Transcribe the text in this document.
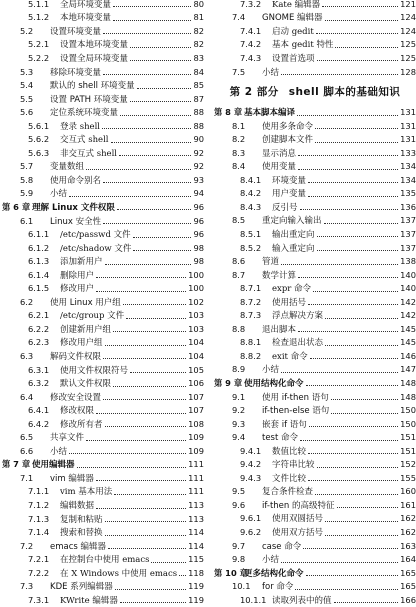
5.1.1	全局环境变量	80
5.1.2	本地环境变量	81
5.2	设置环境变量	82
5.2.1	设置本地环境变量	82
5.2.2	设置全局环境变量	83
5.3	移除环境变量	84
5.4	默认的 shell 环境变量	85
5.5	设置 PATH 环境变量	87
5.6	定位系统环境变量	88
5.6.1	登录 shell	88
5.6.2	交互式 shell	90
5.6.3	非交互式 shell	92
5.7	变量数组	92
5.8	使用命令别名	93
5.9	小结	94
第 6 章 理解 Linux 文件权限	96
6.1	Linux 安全性	96
6.1.1	/etc/passwd 文件	96
6.1.2	/etc/shadow 文件	98
6.1.3	添加新用户	98
6.1.4	删除用户	100
6.1.5	修改用户	100
6.2	使用 Linux 用户组	102
6.2.1	/etc/group 文件	103
6.2.2	创建新用户组	103
6.2.3	修改用户组	104
6.3	解码文件权限	104
6.3.1	使用文件权限符号	105
6.3.2	默认文件权限	106
6.4	修改安全设置	107
6.4.1	修改权限	107
6.4.2	修改所有者	108
6.5	共享文件	109
6.6	小结	109
第 7 章 使用编辑器	111
7.1	vim 编辑器	111
7.1.1	vim 基本用法	111
7.1.2	编辑数据	113
7.1.3	复制和粘贴	113
7.1.4	搜索和替换	114
7.2	emacs 编辑器	114
7.2.1	在控制台中使用 emacs	115
7.2.2	在 X Windows 中使用 emacs 118
7.3	KDE 系列编辑器	119
7.3.1	KWrite 编辑器	119
7.3.2	Kate 编辑器	121
7.4	GNOME 编辑器	124
7.4.1	启动 gedit	124
7.4.2	基本 gedit 特性	125
7.4.3	设置首选项	125
7.5	小结	128
第 2 部分 shell 脚本的基础知识
第 8 章 基本脚本编译	131
8.1	使用多条命令	131
8.2	创建脚本文件	131
8.3	显示消息	133
8.4	使用变量	134
8.4.1	环境变量	134
8.4.2	用户变量	135
8.4.3	反引号	136
8.5	重定向输入输出	137
8.5.1	输出重定向	137
8.5.2	输入重定向	137
8.6	管道	138
8.7	数学计算	140
8.7.1	expr 命令	140
8.7.2	使用括号	142
8.7.3	浮点解决方案	142
8.8	退出脚本	145
8.8.1	检查退出状态	145
8.8.2	exit 命令	146
8.9	小结	147
第 9 章 使用结构化命令	148
9.1	使用 if-then 语句	148
9.2	if-then-else 语句	150
9.3	嵌套 if 语句	150
9.4	test 命令	151
9.4.1	数值比较	151
9.4.2	字符串比较	152
9.4.3	文件比较	155
9.5	复合条件检查	160
9.6	if-then 的高级特征	161
9.6.1	使用双圆括号	162
9.6.2	使用双方括号	162
9.7	case 命令	163
9.8	小结	164
第 10 章
更多结构化命令	165
10.1	for 命令	165
10.1.1 读取列表中的值	166
